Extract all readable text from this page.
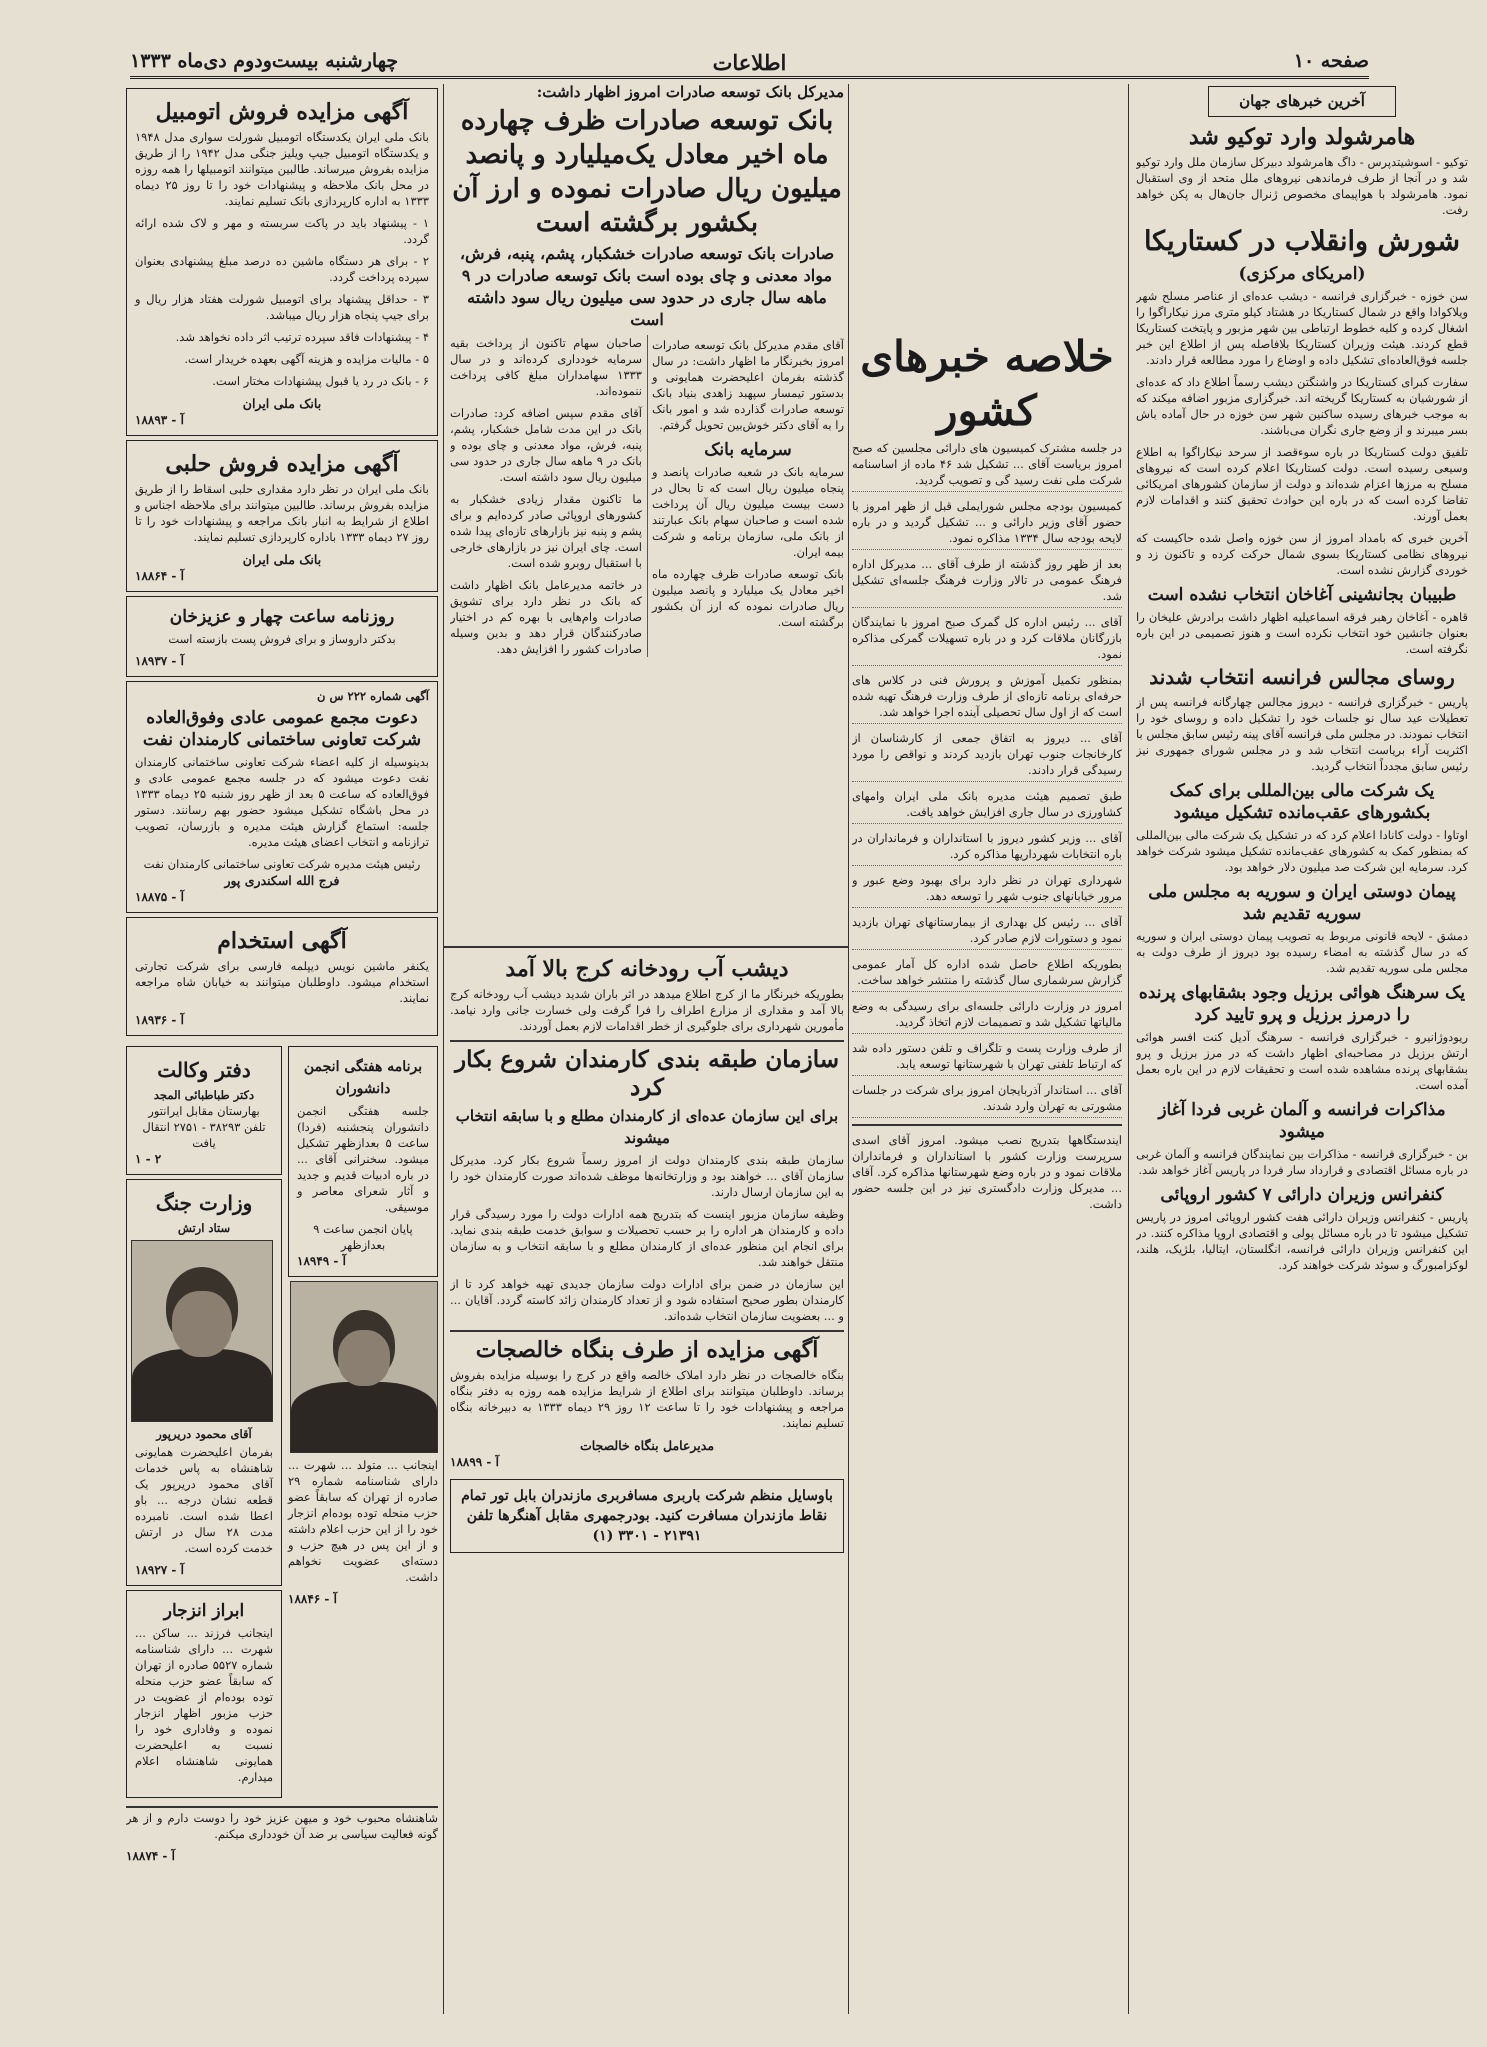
صفحه ۱۰
اطلاعات
چهارشنبه بیست‌ودوم دی‌ماه ۱۳۳۳
آخرین خبرهای جهان
هامرشولد وارد توکیو شد

توکیو - اسوشیتدپرس - داگ هامرشولد دبیرکل سازمان ملل وارد توکیو شد و در آنجا از طرف فرماندهی نیروهای ملل متحد از وی استقبال نمود. هامرشولد با هواپیمای مخصوص ژنرال جان‌هال به پکن خواهد رفت.

شورش وانقلاب در کستاریکا
(امریکای مرکزی)

سن خوزه - خبرگزاری فرانسه - دیشب عده‌ای از عناصر مسلح شهر ویلاکوادا واقع در شمال کستاریکا در هشتاد کیلو متری مرز نیکاراگوا را اشغال کرده و کلیه خطوط ارتباطی بین شهر مزبور و پایتخت کستاریکا قطع کردند. هیئت وزیران کستاریکا بلافاصله پس از اطلاع این خبر جلسه فوق‌العاده‌ای تشکیل داده و اوضاع را مورد مطالعه قرار دادند.

سفارت کبرای کستاریکا در واشنگتن دیشب رسماً اطلاع داد که عده‌ای از شورشیان به کستاریکا گریخته اند. خبرگزاری مزبور اضافه میکند که به موجب خبرهای رسیده ساکنین شهر سن خوزه در حال آماده باش بسر میبرند و از وضع جاری نگران می‌باشند.

تلفیق دولت کستاریکا در باره سوءقصد از سرحد نیکاراگوا به اطلاع وسیعی رسیده است. دولت کستاریکا اعلام کرده است که نیروهای مسلح به مرزها اعزام شده‌اند و دولت از سازمان کشورهای امریکائی تقاضا کرده است که در باره این حوادث تحقیق کنند و اقدامات لازم بعمل آورند.

آخرین خبری که بامداد امروز از سن خوزه واصل شده حاکیست که نیروهای نظامی کستاریکا بسوی شمال حرکت کرده و تاکنون زد و خوردی گزارش نشده است.

طبیبان بجانشینی آغاخان انتخاب نشده است

قاهره - آغاخان رهبر فرقه اسماعیلیه اظهار داشت برادرش علیخان را بعنوان جانشین خود انتخاب نکرده است و هنوز تصمیمی در این باره نگرفته است.

روسای مجالس فرانسه انتخاب شدند

پاریس - خبرگزاری فرانسه - دیروز مجالس چهارگانه فرانسه پس از تعطیلات عید سال نو جلسات خود را تشکیل داده و روسای خود را انتخاب نمودند. در مجلس ملی فرانسه آقای پینه رئیس سابق مجلس با اکثریت آراء بریاست انتخاب شد و در مجلس شورای جمهوری نیز رئیس سابق مجدداً انتخاب گردید.

یک شرکت مالی بین‌المللی برای کمک بکشورهای عقب‌مانده تشکیل میشود

اوتاوا - دولت کانادا اعلام کرد که در تشکیل یک شرکت مالی بین‌المللی که بمنظور کمک به کشورهای عقب‌مانده تشکیل میشود شرکت خواهد کرد. سرمایه این شرکت صد میلیون دلار خواهد بود.

پیمان دوستی ایران و سوریه به مجلس ملی سوریه تقدیم شد

دمشق - لایحه قانونی مربوط به تصویب پیمان دوستی ایران و سوریه که در سال گذشته به امضاء رسیده بود دیروز از طرف دولت به مجلس ملی سوریه تقدیم شد.

یک سرهنگ هوائی برزیل وجود بشقابهای پرنده را درمرز برزیل و پرو تایید کرد

ریودوژانیرو - خبرگزاری فرانسه - سرهنگ آدیل کنت افسر هوائی ارتش برزیل در مصاحبه‌ای اظهار داشت که در مرز برزیل و پرو بشقابهای پرنده مشاهده شده است و تحقیقات لازم در این باره بعمل آمده است.

مذاکرات فرانسه و آلمان غربی فردا آغاز میشود

بن - خبرگزاری فرانسه - مذاکرات بین نمایندگان فرانسه و آلمان غربی در باره مسائل اقتصادی و قرارداد سار فردا در پاریس آغاز خواهد شد.

کنفرانس وزیران دارائی ۷ کشور اروپائی

پاریس - کنفرانس وزیران دارائی هفت کشور اروپائی امروز در پاریس تشکیل میشود تا در باره مسائل پولی و اقتصادی اروپا مذاکره کنند. در این کنفرانس وزیران دارائی فرانسه، انگلستان، ایتالیا، بلژیک، هلند، لوکزامبورگ و سوئد شرکت خواهند کرد.

خلاصه خبرهای کشور

در جلسه مشترک کمیسیون های دارائی مجلسین که صبح امروز بریاست آقای ... تشکیل شد ۴۶ ماده از اساسنامه شرکت ملی نفت رسید گی و تصویب گردید.

کمیسیون بودجه مجلس شورایملی قبل از ظهر امروز با حضور آقای وزیر دارائی و ... تشکیل گردید و در باره لایحه بودجه سال ۱۳۳۴ مذاکره نمود.

بعد از ظهر روز گذشته از طرف آقای ... مدیرکل اداره فرهنگ عمومی در تالار وزارت فرهنگ جلسه‌ای تشکیل شد.

آقای ... رئیس اداره کل گمرک صبح امروز با نمایندگان بازرگانان ملاقات کرد و در باره تسهیلات گمرکی مذاکره نمود.

بمنظور تکمیل آموزش و پرورش فنی در کلاس های حرفه‌ای برنامه تازه‌ای از طرف وزارت فرهنگ تهیه شده است که از اول سال تحصیلی آینده اجرا خواهد شد.

آقای ... دیروز به اتفاق جمعی از کارشناسان از کارخانجات جنوب تهران بازدید کردند و نواقص را مورد رسیدگی قرار دادند.

طبق تصمیم هیئت مدیره بانک ملی ایران وامهای کشاورزی در سال جاری افزایش خواهد یافت.

آقای ... وزیر کشور دیروز با استانداران و فرمانداران در باره انتخابات شهرداریها مذاکره کرد.

شهرداری تهران در نظر دارد برای بهبود وضع عبور و مرور خیابانهای جنوب شهر را توسعه دهد.

آقای ... رئیس کل بهداری از بیمارستانهای تهران بازدید نمود و دستورات لازم صادر کرد.

بطوریکه اطلاع حاصل شده اداره کل آمار عمومی گزارش سرشماری سال گذشته را منتشر خواهد ساخت.

امروز در وزارت دارائی جلسه‌ای برای رسیدگی به وضع مالیاتها تشکیل شد و تصمیمات لازم اتخاذ گردید.

از طرف وزارت پست و تلگراف و تلفن دستور داده شد که ارتباط تلفنی تهران با شهرستانها توسعه یابد.

آقای ... استاندار آذربایجان امروز برای شرکت در جلسات مشورتی به تهران وارد شدند.

ایندستگاهها بتدریج نصب میشود. امروز آقای اسدی سرپرست وزارت کشور با استانداران و فرمانداران ملاقات نمود و در باره وضع شهرستانها مذاکره کرد. آقای ... مدیرکل وزارت دادگستری نیز در این جلسه حضور داشت.

مدیرکل بانک توسعه صادرات امروز اظهار داشت:
بانک توسعه صادرات ظرف چهارده ماه اخیر معادل یک‌میلیارد و پانصد میلیون ریال صادرات نموده و ارز آن بکشور برگشته است
صادرات بانک توسعه صادرات خشکبار، پشم، پنبه، فرش، مواد معدنی و چای بوده است بانک توسعه صادرات در ۹ ماهه سال جاری در حدود سی میلیون ریال سود داشته است

آقای مقدم مدیرکل بانک توسعه صادرات امروز بخبرنگار ما اظهار داشت: در سال گذشته بفرمان اعلیحضرت همایونی و بدستور تیمسار سپهبد زاهدی بنیاد بانک توسعه صادرات گذارده شد و امور بانک را به آقای دکتر خوش‌بین تحویل گرفتم.

سرمایه بانک

سرمایه بانک در شعبه صادرات پانصد و پنجاه میلیون ریال است که تا بحال در دست بیست میلیون ریال آن پرداخت شده است و صاحبان سهام بانک عبارتند از بانک ملی، سازمان برنامه و شرکت بیمه ایران.

بانک توسعه صادرات ظرف چهارده ماه اخیر معادل یک میلیارد و پانصد میلیون ریال صادرات نموده که ارز آن بکشور برگشته است.

صاحبان سهام تاکنون از پرداخت بقیه سرمایه خودداری کرده‌اند و در سال ۱۳۳۳ سهامداران مبلغ کافی پرداخت ننموده‌اند.

آقای مقدم سپس اضافه کرد: صادرات بانک در این مدت شامل خشکبار، پشم، پنبه، فرش، مواد معدنی و چای بوده و بانک در ۹ ماهه سال جاری در حدود سی میلیون ریال سود داشته است.

ما تاکنون مقدار زیادی خشکبار به کشورهای اروپائی صادر کرده‌ایم و برای پشم و پنبه نیز بازارهای تازه‌ای پیدا شده است. چای ایران نیز در بازارهای خارجی با استقبال روبرو شده است.

در خاتمه مدیرعامل بانک اظهار داشت که بانک در نظر دارد برای تشویق صادرات وام‌هایی با بهره کم در اختیار صادرکنندگان قرار دهد و بدین وسیله صادرات کشور را افزایش دهد.

دیشب آب رودخانه کرج بالا آمد

بطوریکه خبرنگار ما از کرج اطلاع میدهد در اثر باران شدید دیشب آب رودخانه کرج بالا آمد و مقداری از مزارع اطراف را فرا گرفت ولی خسارت جانی وارد نیامد. مأمورین شهرداری برای جلوگیری از خطر اقدامات لازم بعمل آوردند.

سازمان طبقه بندی کارمندان شروع بکار کرد
برای این سازمان عده‌ای از کارمندان مطلع و با سابقه انتخاب میشوند

سازمان طبقه بندی کارمندان دولت از امروز رسماً شروع بکار کرد. مدیرکل سازمان آقای ... خواهند بود و وزارتخانه‌ها موظف شده‌اند صورت کارمندان خود را به این سازمان ارسال دارند.

وظیفه سازمان مزبور اینست که بتدریج همه ادارات دولت را مورد رسیدگی قرار داده و کارمندان هر اداره را بر حسب تحصیلات و سوابق خدمت طبقه بندی نماید. برای انجام این منظور عده‌ای از کارمندان مطلع و با سابقه انتخاب و به سازمان منتقل خواهند شد.

این سازمان در ضمن برای ادارات دولت سازمان جدیدی تهیه خواهد کرد تا از کارمندان بطور صحیح استفاده شود و از تعداد کارمندان زائد کاسته گردد. آقایان ... و ... بعضویت سازمان انتخاب شده‌اند.

آگهی مزایده از طرف بنگاه خالصجات

بنگاه خالصجات در نظر دارد املاک خالصه واقع در کرج را بوسیله مزایده بفروش برساند. داوطلبان میتوانند برای اطلاع از شرایط مزایده همه روزه به دفتر بنگاه مراجعه و پیشنهادات خود را تا ساعت ۱۲ روز ۲۹ دیماه ۱۳۳۳ به دبیرخانه بنگاه تسلیم نمایند.

مدیرعامل بنگاه خالصجات
آ - ۱۸۸۹۹
باوسایل منظم شرکت باربری مسافربری مازندران بابل تور تمام نقاط مازندران مسافرت کنید. بودرجمهری مقابل آهنگرها تلفن ۲۱۳۹۱ - ۳۳۰۱ (۱)
آگهی مزایده فروش اتومبیل

بانک ملی ایران یکدستگاه اتومبیل شورلت سواری مدل ۱۹۴۸ و یکدستگاه اتومبیل جیپ ویلیز جنگی مدل ۱۹۴۲ را از طریق مزایده بفروش میرساند. طالبین میتوانند اتومبیلها را همه روزه در محل بانک ملاحظه و پیشنهادات خود را تا روز ۲۵ دیماه ۱۳۳۳ به اداره کارپردازی بانک تسلیم نمایند.

۱ - پیشنهاد باید در پاکت سربسته و مهر و لاک شده ارائه گردد.

۲ - برای هر دستگاه ماشین ده درصد مبلغ پیشنهادی بعنوان سپرده پرداخت گردد.

۳ - حداقل پیشنهاد برای اتومبیل شورلت هفتاد هزار ریال و برای جیپ پنجاه هزار ریال میباشد.

۴ - پیشنهادات فاقد سپرده ترتیب اثر داده نخواهد شد.

۵ - مالیات مزایده و هزینه آگهی بعهده خریدار است.

۶ - بانک در رد یا قبول پیشنهادات مختار است.

بانک ملی ایران
آ - ۱۸۸۹۳
آگهی مزایده فروش حلبی

بانک ملی ایران در نظر دارد مقداری حلبی اسقاط را از طریق مزایده بفروش برساند. طالبین میتوانند برای ملاحظه اجناس و اطلاع از شرایط به انبار بانک مراجعه و پیشنهادات خود را تا روز ۲۷ دیماه ۱۳۳۳ باداره کارپردازی تسلیم نمایند.

بانک ملی ایران
آ - ۱۸۸۶۴
روزنامه ساعت چهار و عزیزخان

بدکتر داروساز و برای فروش پست بازسته است

آ - ۱۸۹۳۷
آگهی شماره ۲۲۲ س ن
دعوت مجمع عمومی عادی وفوق‌العاده شرکت تعاونی ساختمانی کارمندان نفت

بدینوسیله از کلیه اعضاء شرکت تعاونی ساختمانی کارمندان نفت دعوت میشود که در جلسه مجمع عمومی عادی و فوق‌العاده که ساعت ۵ بعد از ظهر روز شنبه ۲۵ دیماه ۱۳۳۳ در محل باشگاه تشکیل میشود حضور بهم رسانند. دستور جلسه: استماع گزارش هیئت مدیره و بازرسان، تصویب ترازنامه و انتخاب اعضای هیئت مدیره.

رئیس هیئت مدیره شرکت تعاونی ساختمانی کارمندان نفت
فرج الله اسکندری پور
آ - ۱۸۸۷۵
آگهی استخدام

یکنفر ماشین نویس دیپلمه فارسی برای شرکت تجارتی استخدام میشود. داوطلبان میتوانند به خیابان شاه مراجعه نمایند.

آ - ۱۸۹۳۶
برنامه هفتگی انجمن دانشوران

جلسه هفتگی انجمن دانشوران پنجشنبه (فردا) ساعت ۵ بعدازظهر تشکیل میشود. سخنرانی آقای ... در باره ادبیات قدیم و جدید و آثار شعرای معاصر و موسیقی.

پایان انجمن ساعت ۹ بعدازظهر
آ - ۱۸۹۴۹

اینجانب ... متولد ... شهرت ... دارای شناسنامه شماره ۲۹ صادره از تهران که سابقاً عضو حزب منحله توده بوده‌ام انزجار خود را از این حزب اعلام داشته و از این پس در هیچ حزب و دسته‌ای عضویت نخواهم داشت.

آ - ۱۸۸۴۶
دفتر وکالت
دکتر طباطبائی المجد
بهارستان مقابل ایرانتور
تلفن ۳۸۲۹۳ - ۲۷۵۱ انتقال یافت
۱ - ۲
وزارت جنگ
ستاد ارتش
آقای محمود دریرپور

بفرمان اعلیحضرت همایونی شاهنشاه به پاس خدمات آقای محمود دریرپور یک قطعه نشان درجه ... باو اعطا شده است. نامبرده مدت ۲۸ سال در ارتش خدمت کرده است.

آ - ۱۸۹۲۷
ابراز انزجار

اینجانب فرزند ... ساکن ... شهرت ... دارای شناسنامه شماره ۵۵۲۷ صادره از تهران که سابقاً عضو حزب منحله توده بوده‌ام از عضویت در حزب مزبور اظهار انزجار نموده و وفاداری خود را نسبت به اعلیحضرت همایونی شاهنشاه اعلام میدارم.

شاهنشاه محبوب خود و میهن عزیز خود را دوست دارم و از هر گونه فعالیت سیاسی بر ضد آن خودداری میکنم.

آ - ۱۸۸۷۴
